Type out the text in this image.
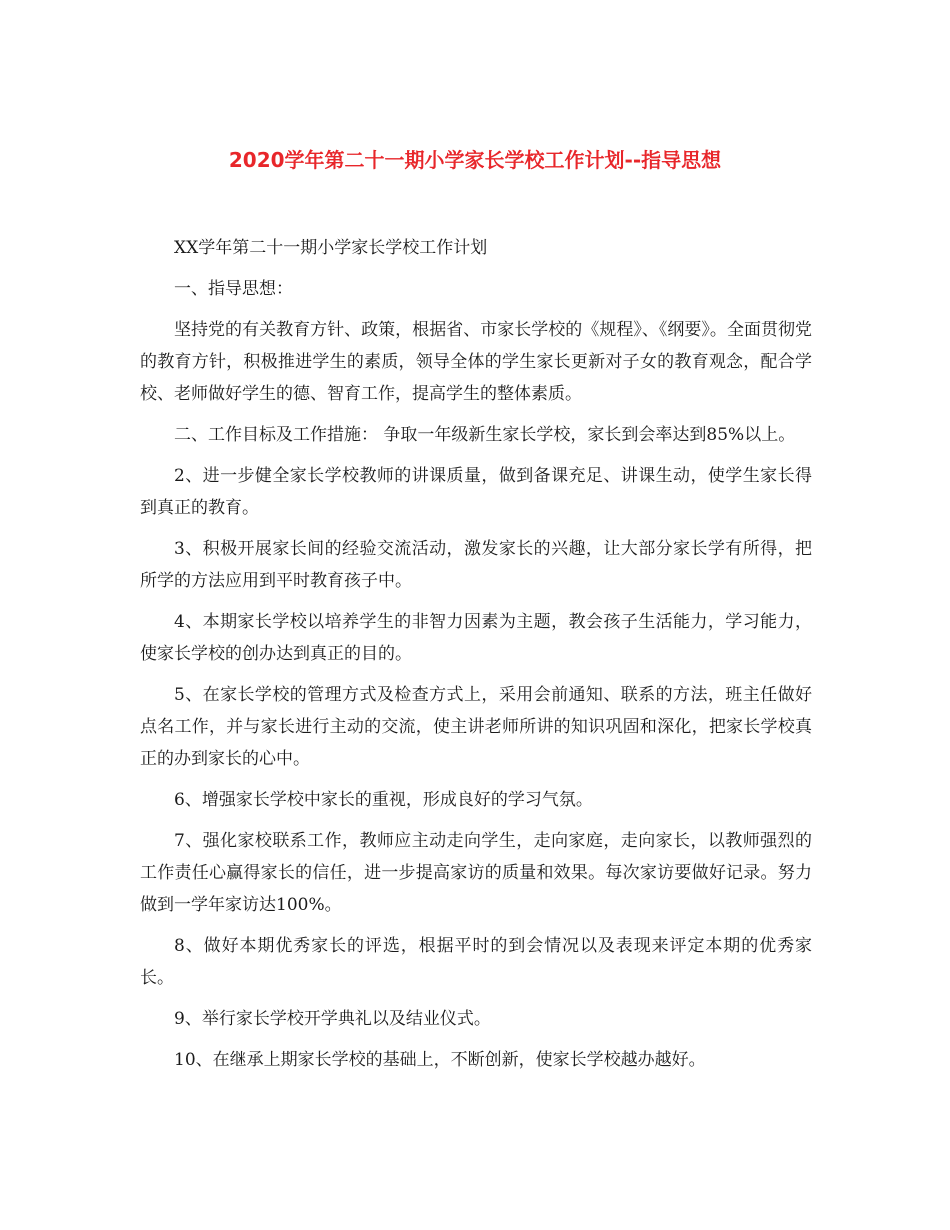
2020学年第二十一期小学家长学校工作计划--指导思想

XX学年第二十一期小学家长学校工作计划

一、指导思想：

坚持党的有关教育方针、政策，根据省、市家长学校的《规程》、《纲要》。全面贯彻党的教育方针，积极推进学生的素质，领导全体的学生家长更新对子女的教育观念，配合学校、老师做好学生的德、智育工作，提高学生的整体素质。

二、工作目标及工作措施： 争取一年级新生家长学校，家长到会率达到85%以上。

2、进一步健全家长学校教师的讲课质量，做到备课充足、讲课生动，使学生家长得到真正的教育。

3、积极开展家长间的经验交流活动，激发家长的兴趣，让大部分家长学有所得，把所学的方法应用到平时教育孩子中。

4、本期家长学校以培养学生的非智力因素为主题，教会孩子生活能力，学习能力，使家长学校的创办达到真正的目的。

5、在家长学校的管理方式及检查方式上，采用会前通知、联系的方法，班主任做好点名工作，并与家长进行主动的交流，使主讲老师所讲的知识巩固和深化，把家长学校真正的办到家长的心中。

6、增强家长学校中家长的重视，形成良好的学习气氛。

7、强化家校联系工作，教师应主动走向学生，走向家庭，走向家长，以教师强烈的工作责任心赢得家长的信任，进一步提高家访的质量和效果。每次家访要做好记录。努力做到一学年家访达100%。

8、做好本期优秀家长的评选，根据平时的到会情况以及表现来评定本期的优秀家长。

9、举行家长学校开学典礼以及结业仪式。

10、在继承上期家长学校的基础上，不断创新，使家长学校越办越好。
